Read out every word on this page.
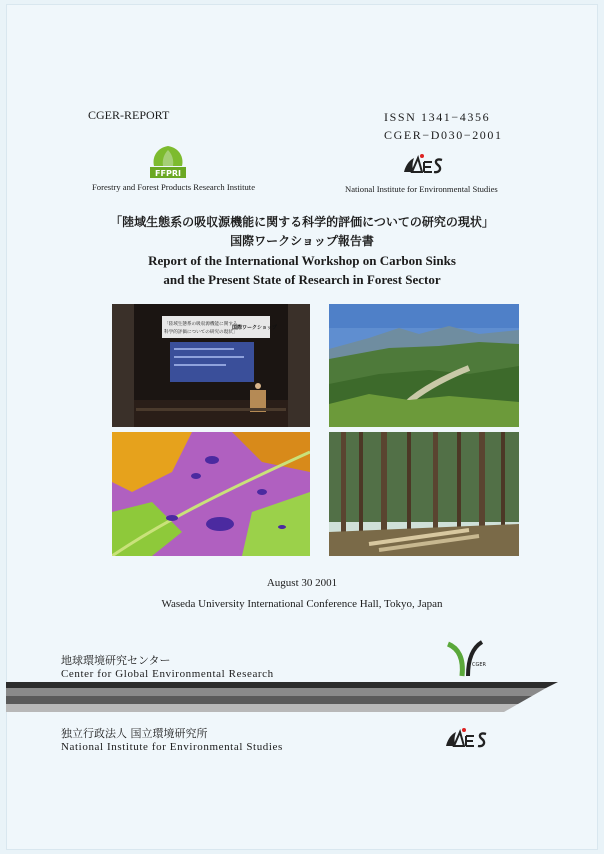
CGER-REPORT	ISSN 1341−4356
CGER−D030−2001
FFPRI
Forestry and Forest Products Research Institute	National Institute for Environmental Studies
「陸域生態系の吸収源機能に関する科学的評価についての研究の現状」
国際ワークショップ報告書
Report of the International Workshop on Carbon Sinks
and the Present State of Research in Forest Sector
「陸域生態系の吸収源機能に関する
科学的評価についての研究の現状」
国際ワークショップ
August 30 2001
Waseda University International Conference Hall, Tokyo, Japan
地球環境研究センター
Center for Global Environmental Research
CGER
独立行政法人 国立環境研究所
National Institute for Environmental Studies
